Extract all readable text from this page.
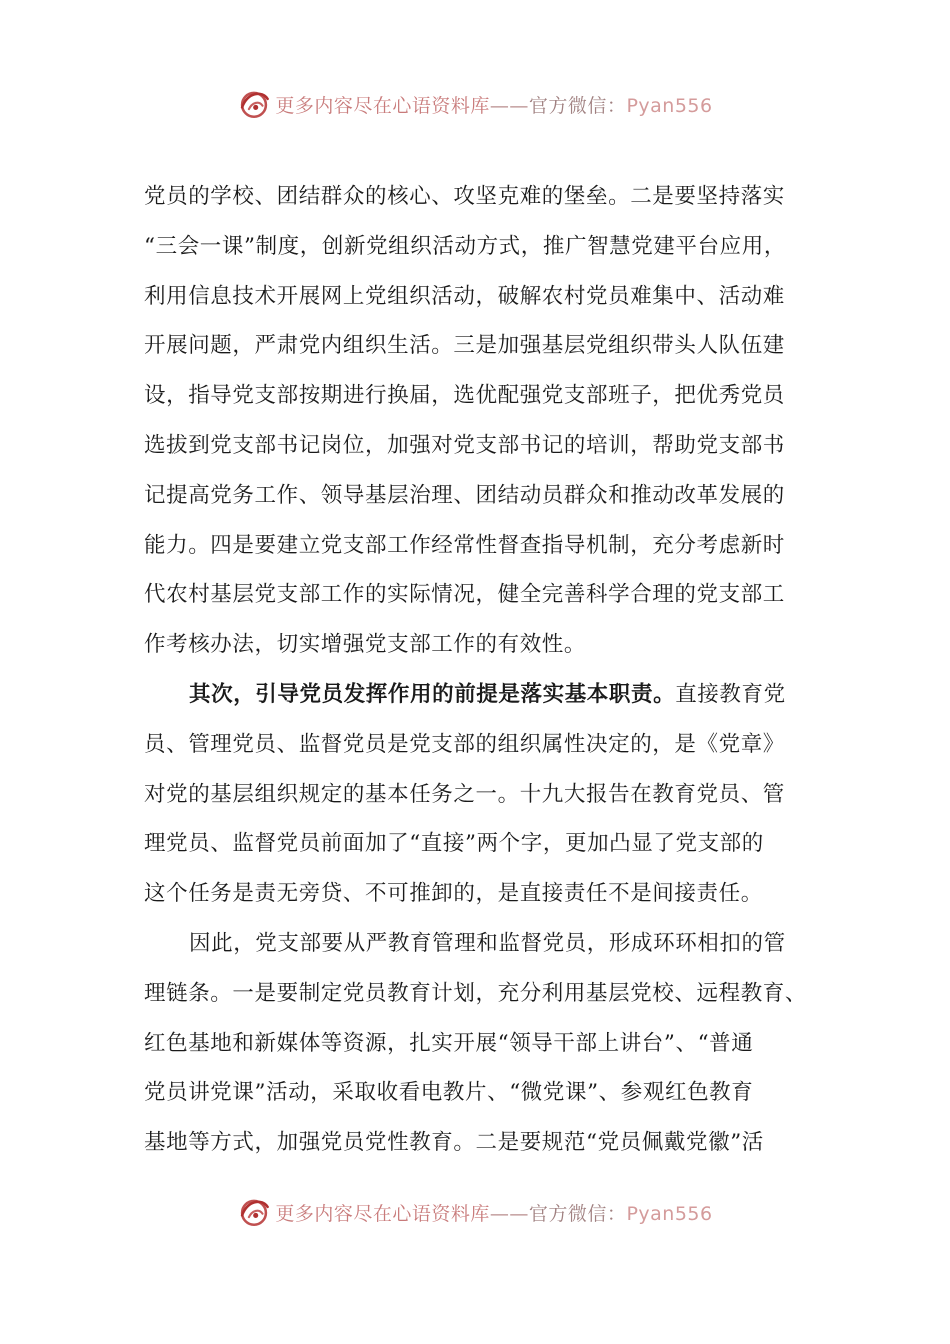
更多内容尽在心语资料库——官方微信：Pyan556
党员的学校、团结群众的核心、攻坚克难的堡垒。二是要坚持落实
“三会一课”制度，创新党组织活动方式，推广智慧党建平台应用，
利用信息技术开展网上党组织活动，破解农村党员难集中、活动难
开展问题，严肃党内组织生活。三是加强基层党组织带头人队伍建
设，指导党支部按期进行换届，选优配强党支部班子，把优秀党员
选拔到党支部书记岗位，加强对党支部书记的培训，帮助党支部书
记提高党务工作、领导基层治理、团结动员群众和推动改革发展的
能力。四是要建立党支部工作经常性督查指导机制，充分考虑新时
代农村基层党支部工作的实际情况，健全完善科学合理的党支部工
作考核办法，切实增强党支部工作的有效性。
其次，引导党员发挥作用的前提是落实基本职责。直接教育党
员、管理党员、监督党员是党支部的组织属性决定的，是《党章》
对党的基层组织规定的基本任务之一。十九大报告在教育党员、管
理党员、监督党员前面加了“直接”两个字，更加凸显了党支部的
这个任务是责无旁贷、不可推卸的，是直接责任不是间接责任。
因此，党支部要从严教育管理和监督党员，形成环环相扣的管
理链条。一是要制定党员教育计划，充分利用基层党校、远程教育、
红色基地和新媒体等资源，扎实开展“领导干部上讲台”、“普通
党员讲党课”活动，采取收看电教片、“微党课”、参观红色教育
基地等方式，加强党员党性教育。二是要规范“党员佩戴党徽”活
更多内容尽在心语资料库——官方微信：Pyan556
